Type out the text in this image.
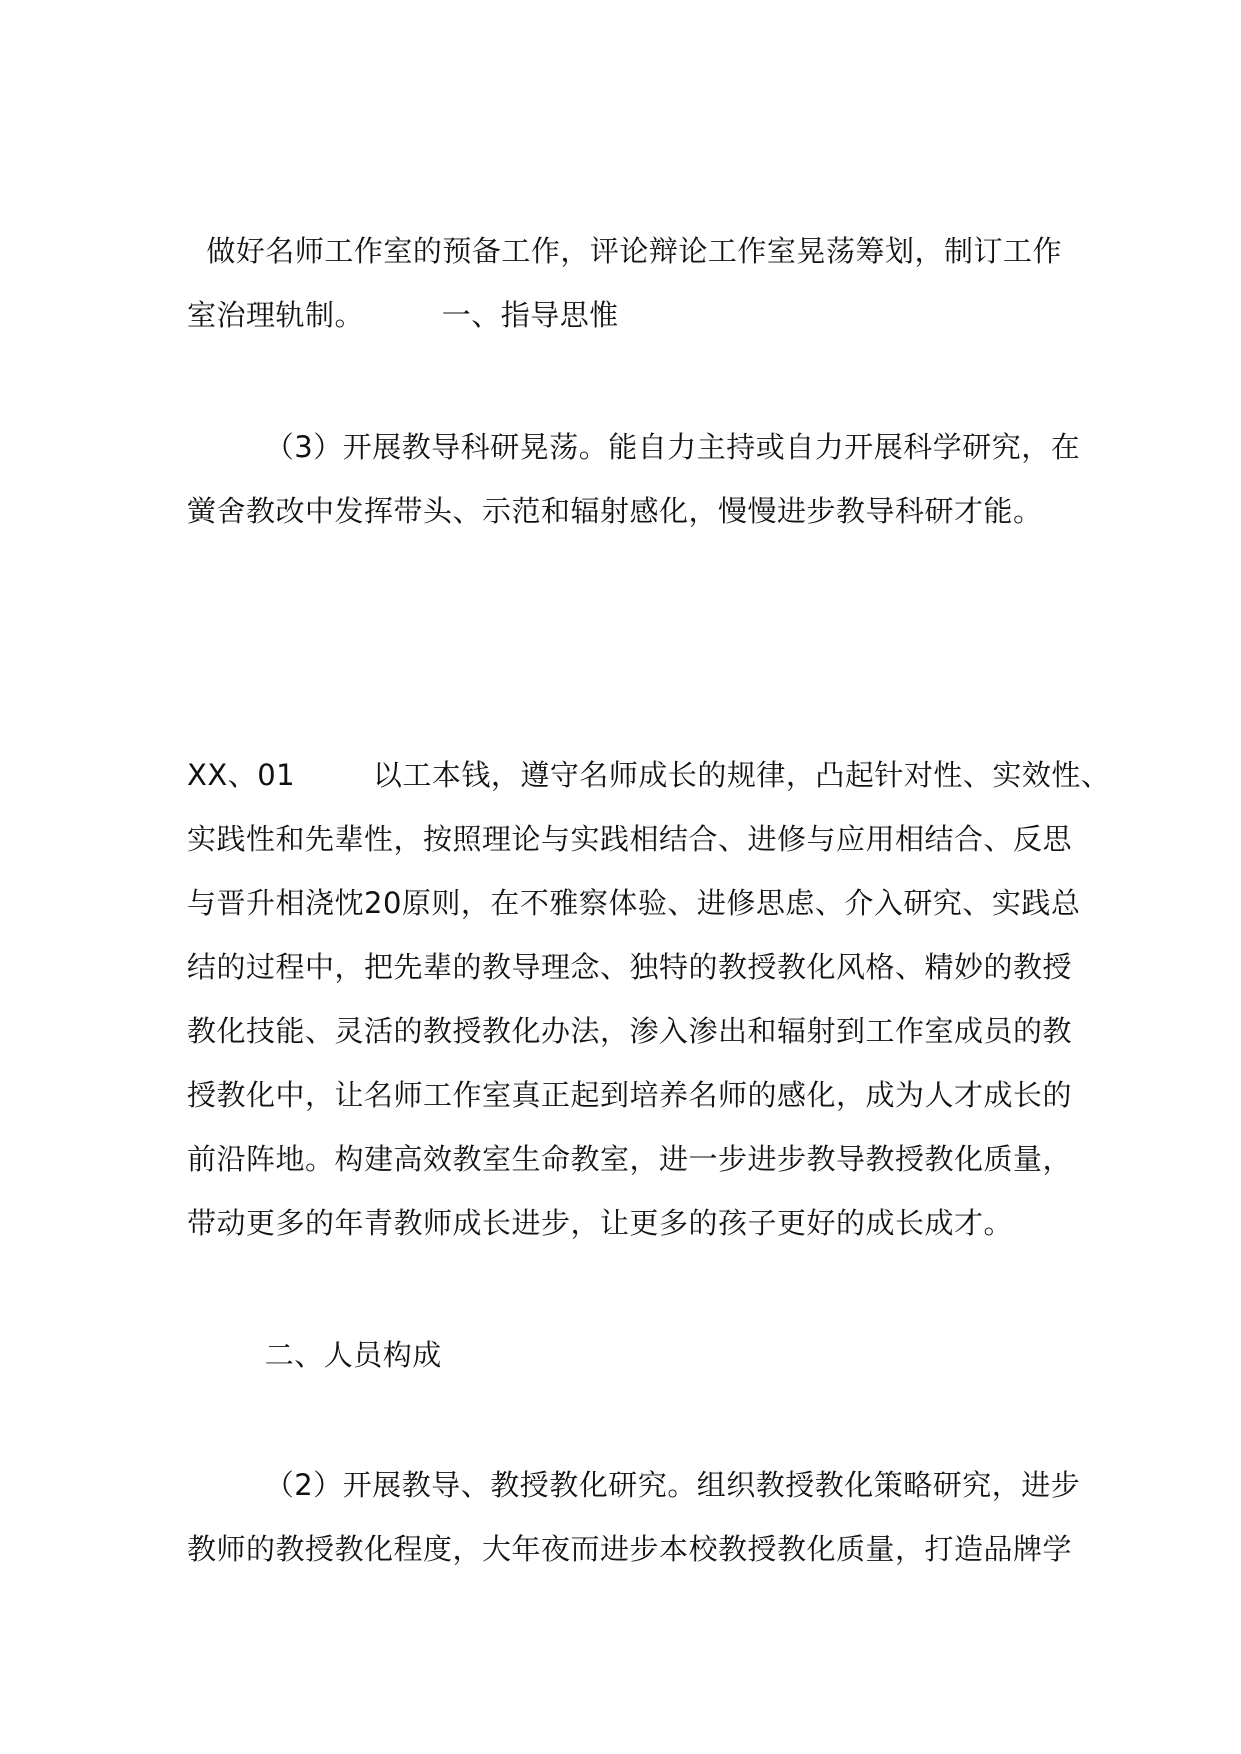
做好名师工作室的预备工作，评论辩论工作室晃荡筹划，制订工作
室治理轨制。        一、指导思惟
（3）开展教导科研晃荡。能自力主持或自力开展科学研究，在
黉舍教改中发挥带头、示范和辐射感化，慢慢进步教导科研才能。
XX、01        以工本钱，遵守名师成长的规律，凸起针对性、实效性、
实践性和先辈性，按照理论与实践相结合、进修与应用相结合、反思
与晋升相浇忱20原则，在不雅察体验、进修思虑、介入研究、实践总
结的过程中，把先辈的教导理念、独特的教授教化风格、精妙的教授
教化技能、灵活的教授教化办法，渗入渗出和辐射到工作室成员的教
授教化中，让名师工作室真正起到培养名师的感化，成为人才成长的
前沿阵地。构建高效教室生命教室，进一步进步教导教授教化质量，
带动更多的年青教师成长进步，让更多的孩子更好的成长成才。
二、人员构成
（2）开展教导、教授教化研究。组织教授教化策略研究，进步
教师的教授教化程度，大年夜而进步本校教授教化质量，打造品牌学
